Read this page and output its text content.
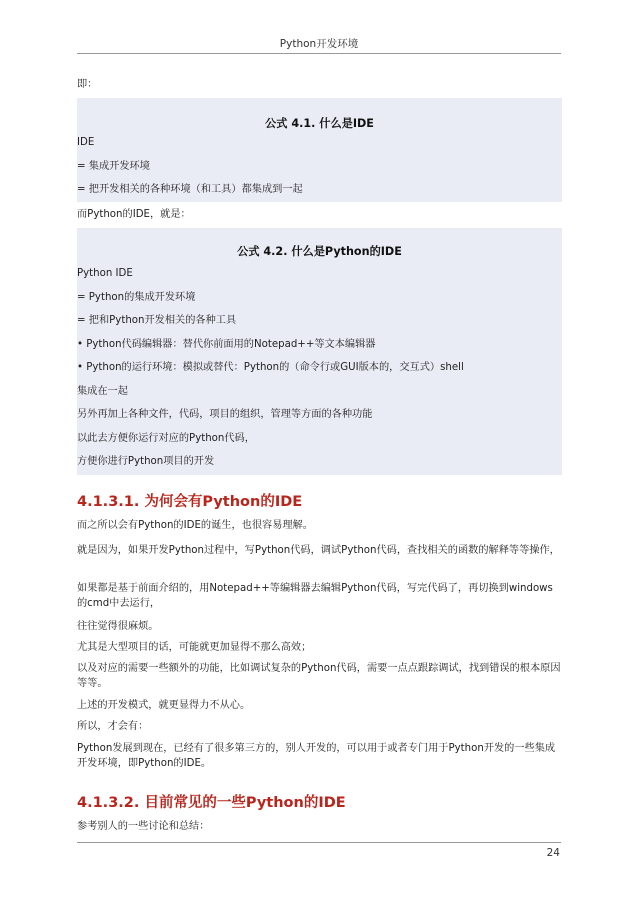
Python开发环境
即：
公式 4.1. 什么是IDE
IDE
= 集成开发环境
= 把开发相关的各种环境（和工具）都集成到一起
而Python的IDE，就是：
公式 4.2. 什么是Python的IDE
Python IDE
= Python的集成开发环境
= 把和Python开发相关的各种工具
• Python代码编辑器：替代你前面用的Notepad++等文本编辑器
• Python的运行环境：模拟或替代：Python的（命令行或GUI版本的，交互式）shell
集成在一起
另外再加上各种文件，代码，项目的组织，管理等方面的各种功能
以此去方便你运行对应的Python代码，
方便你进行Python项目的开发
4.1.3.1. 为何会有Python的IDE
而之所以会有Python的IDE的诞生，也很容易理解。
就是因为，如果开发Python过程中，写Python代码，调试Python代码，查找相关的函数的解释等等操作，
如果都是基于前面介绍的，用Notepad++等编辑器去编辑Python代码，写完代码了，再切换到windows的cmd中去运行，
往往觉得很麻烦。
尤其是大型项目的话，可能就更加显得不那么高效；
以及对应的需要一些额外的功能，比如调试复杂的Python代码，需要一点点跟踪调试，找到错误的根本原因等等。
上述的开发模式，就更显得力不从心。
所以，才会有：
Python发展到现在，已经有了很多第三方的，别人开发的，可以用于或者专门用于Python开发的一些集成开发环境，即Python的IDE。
4.1.3.2. 目前常见的一些Python的IDE
参考别人的一些讨论和总结：
24
